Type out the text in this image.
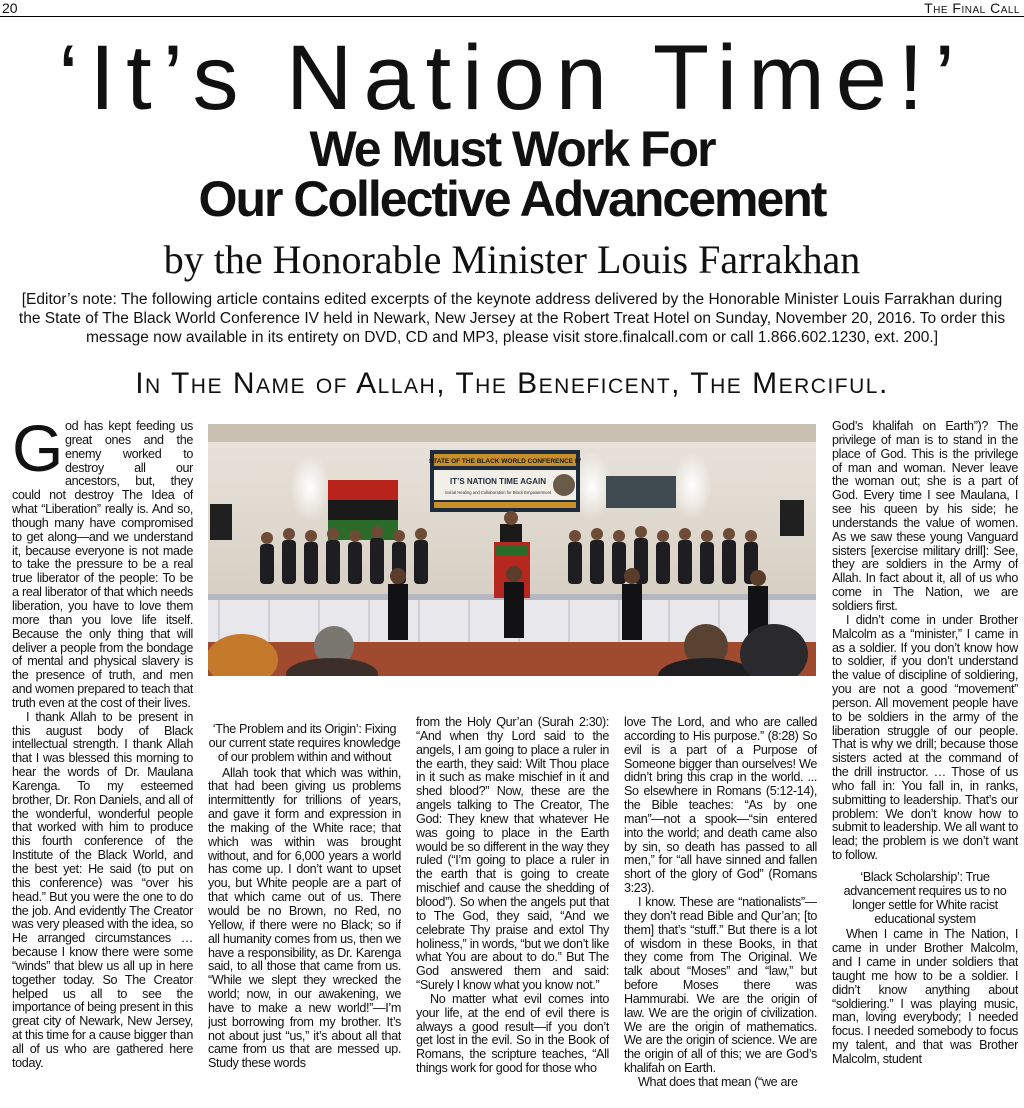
20	The Final Call
‘It’s Nation Time!’
We Must Work For
Our Collective Advancement

by the Honorable Minister Louis Farrakhan

[Editor’s note: The following article contains edited excerpts of the keynote address delivered by the Honorable Minister Louis Farrakhan during the State of The Black World Conference IV held in Newark, New Jersey at the Robert Treat Hotel on Sunday, November 20, 2016. To order this message now available in its entirety on DVD, CD and MP3, please visit store.finalcall.com or call 1.866.602.1230, ext. 200.]

In The Name of Allah, The Beneficent, The Merciful.

G od has kept feeding us great ones and the enemy worked to destroy all our ancestors, but, they could not destroy The Idea of what “Liberation” really is. And so, though many have compromised to get along—and we understand it, because everyone is not made to take the pressure to be a real true liberator of the people: To be a real liberator of that which needs liberation, you have to love them more than you love life itself. Because the only thing that will deliver a people from the bondage of mental and physical slavery is the presence of truth, and men and women prepared to teach that truth even at the cost of their lives.

I thank Allah to be present in this august body of Black intellectual strength. I thank Allah that I was blessed this morning to hear the words of Dr. Maulana Karenga. To my esteemed brother, Dr. Ron Daniels, and all of the wonderful, wonderful people that worked with him to produce this fourth conference of the Institute of the Black World, and the best yet: He said (to put on this conference) was “over his head.” But you were the one to do the job. And evidently The Creator was very pleased with the idea, so He arranged circumstances … because I know there were some “winds” that blew us all up in here together today. So The Creator helped us all to see the importance of being present in this great city of Newark, New Jersey, at this time for a cause bigger than all of us who are gathered here today.

STATE OF THE BLACK WORLD CONFERENCE IV
IT’S NATION TIME AGAIN
Social Healing and Collaboration for Black Empowerment

‘The Problem and its Origin’: Fixing our current state requires knowledge of our problem within and without

Allah took that which was within, that had been giving us problems intermittently for trillions of years, and gave it form and expression in the making of the White race; that which was within was brought without, and for 6,000 years a world has come up. I don’t want to upset you, but White people are a part of that which came out of us. There would be no Brown, no Red, no Yellow, if there were no Black; so if all humanity comes from us, then we have a responsibility, as Dr. Karenga said, to all those that came from us. “While we slept they wrecked the world; now, in our awakening, we have to make a new world!”—I’m just borrowing from my brother. It’s not about just “us,” it’s about all that came from us that are messed up. Study these words

from the Holy Qur’an (Surah 2:30): “And when thy Lord said to the angels, I am going to place a ruler in the earth, they said: Wilt Thou place in it such as make mischief in it and shed blood?” Now, these are the angels talking to The Creator, The God: They knew that whatever He was going to place in the Earth would be so different in the way they ruled (“I’m going to place a ruler in the earth that is going to create mischief and cause the shedding of blood”). So when the angels put that to The God, they said, “And we celebrate Thy praise and extol Thy holiness,” in words, “but we don’t like what You are about to do.” But The God answered them and said: “Surely I know what you know not.”

No matter what evil comes into your life, at the end of evil there is always a good result—if you don’t get lost in the evil. So in the Book of Romans, the scripture teaches, “All things work for good for those who

love The Lord, and who are called according to His purpose.” (8:28) So evil is a part of a Purpose of Someone bigger than ourselves! We didn’t bring this crap in the world. ... So elsewhere in Romans (5:12-14), the Bible teaches: “As by one man”—not a spook—“sin entered into the world; and death came also by sin, so death has passed to all men,” for “all have sinned and fallen short of the glory of God” (Romans 3:23).

I know. These are “nationalists”—they don’t read Bible and Qur’an; [to them] that’s “stuff.” But there is a lot of wisdom in these Books, in that they come from The Original. We talk about “Moses” and “law,” but before Moses there was Hammurabi. We are the origin of law. We are the origin of civilization. We are the origin of mathematics. We are the origin of science. We are the origin of all of this; we are God’s khalifah on Earth.

What does that mean (“we are

God’s khalifah on Earth”)? The privilege of man is to stand in the place of God. This is the privilege of man and woman. Never leave the woman out; she is a part of God. Every time I see Maulana, I see his queen by his side; he understands the value of women. As we saw these young Vanguard sisters [exercise military drill]: See, they are soldiers in the Army of Allah. In fact about it, all of us who come in The Nation, we are soldiers first.

I didn’t come in under Brother Malcolm as a “minister,” I came in as a soldier. If you don’t know how to soldier, if you don’t understand the value of discipline of soldiering, you are not a good “movement” person. All movement people have to be soldiers in the army of the liberation struggle of our people. That is why we drill; because those sisters acted at the command of the drill instructor. … Those of us who fall in: You fall in, in ranks, submitting to leadership. That’s our problem: We don’t know how to submit to leadership. We all want to lead; the problem is we don’t want to follow.

‘Black Scholarship’: True advancement requires us to no longer settle for White racist educational system

When I came in The Nation, I came in under Brother Malcolm, and I came in under soldiers that taught me how to be a soldier. I didn’t know anything about “soldiering.” I was playing music, man, loving everybody; I needed focus. I needed somebody to focus my talent, and that was Brother Malcolm, student
